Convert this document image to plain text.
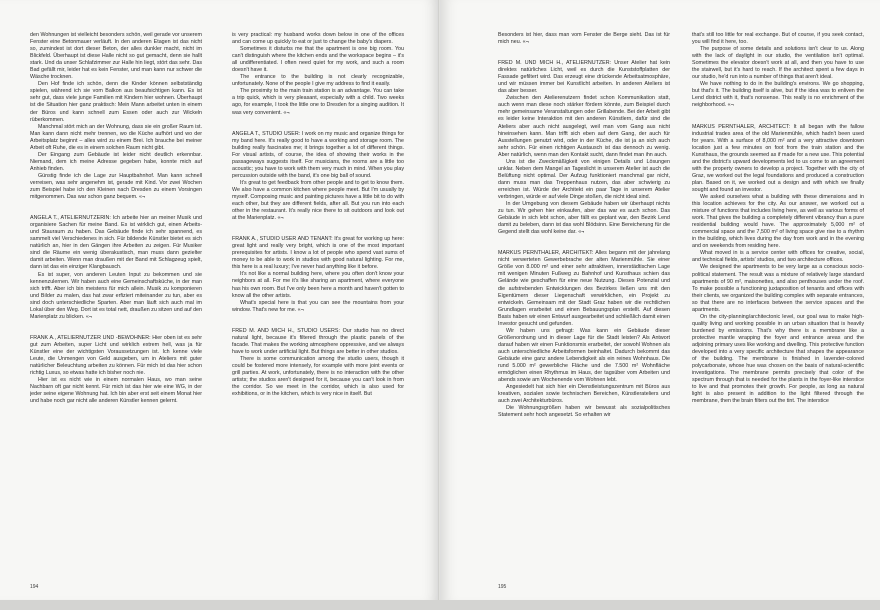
den Wohnungen ist vielleicht besonders schön, weil gerade vor unserem Fenster eine Betonmauer verläuft. In den anderen Etagen ist das nicht so, zumindest ist dort dieser Beton, der alles dunkler macht, nicht im Blickfeld. Überhaupt ist diese Halle nicht so gut gemacht, denn sie hallt stark. Und da unser Schlafzimmer zur Halle hin liegt, stört das sehr. Das Bad gefällt mir, leider hat es kein Fenster, und man kann nur schwer die Wäsche trocknen.

Den Hof finde ich schön, denn die Kinder können selbstständig spielen, während ich sie vom Balkon aus beaufsichtigen kann. Es ist sehr gut, dass viele junge Familien mit Kindern hier wohnen. Überhaupt ist die Situation hier ganz praktisch: Mein Mann arbeitet unten in einem der Büros und kann schnell zum Essen oder auch zur Wickeln rüberkommen.

Manchmal stört mich an der Wohnung, dass sie ein großer Raum ist. Man kann dann nicht mehr trennen, wo die Küche aufhört und wo der Arbeitsplatz beginnt – alles wird zu einem Brei. Ich brauche bei meiner Arbeit oft Ruhe, die es in einem solchen Raum nicht gibt.

Der Eingang zum Gebäude ist leider nicht deutlich erkennbar. Niemand, dem ich meine Adresse gegeben habe, konnte mich auf Anhieb finden.

Günstig finde ich die Lage zur Hauptbahnhof. Man kann schnell verreisen, was sehr angenehm ist, gerade mit Kind. Vor zwei Wochen zum Beispiel habe ich den Kleinen nach Dresden zu einem Vorsingen mitgenommen. Das war schon ganz bequem. «¬

ANGELA T., ATELIERNUTZERIN: Ich arbeite hier an meiner Musik und organisiere Sachen für meine Band. Es ist wirklich gut, einen Arbeits- und Stauraum zu haben. Das Gebäude finde ich sehr spannend, es sammelt viel Verschiedenes in sich. Für bildende Künstler bietet es sich natürlich an, hier in den Gängen ihre Arbeiten zu zeigen. Für Musiker sind die Räume ein wenig überakustisch, man muss dann gezielter damit arbeiten. Wenn man draußen mit der Band mit Schlagzeug spielt, dann ist das ein einziger Klangbausch.

Es ist super, von anderen Leuten Input zu bekommen und sie kennenzulernen. Wir haben auch eine Gemeinschaftsküche, in der man sich trifft. Aber ich bin meistens für mich allein. Musik zu komponieren und Bilder zu malen, das hat zwar erfiziert miteinander zu tun, aber es sind doch unterschiedliche Sparten. Aber man läuft sich auch mal im Lokal über den Weg. Dort ist es total nett, draußen zu sitzen und auf den Marienplatz zu blicken. «¬

FRANK A., ATELIERNUTZER UND -BEWOHNER: Hier oben ist es sehr gut zum Arbeiten, super Licht und wirklich extrem hell, was ja für Künstler eine der wichtigsten Voraussetzungen ist. Ich kenne viele Leute, die Unmengen von Geld ausgeben, um in Ateliers mit guter natürlicher Beleuchtung arbeiten zu können. Für mich ist das hier schon richtig Luxus, so etwas hatte ich bisher noch nie.

Hier ist es nicht wie in einem normalen Haus, wo man seine Nachbarn oft gar nicht kennt. Für mich ist das hier wie eine WG, in der jeder seine eigene Wohnung hat. Ich bin aber erst seit einem Monat hier und habe noch gar nicht alle anderen Künstler kennen gelernt.

is very practical: my husband works down below in one of the offices and can come up quickly to eat or just to change the baby's diapers.

Sometimes it disturbs me that the apartment is one big room. You can't distinguish where the kitchen ends and the workspace begins – it's all undifferentiated. I often need quiet for my work, and such a room doesn't have it.

The entrance to the building is not clearly recognizable, unfortunately. None of the people I give my address to find it easily.

The proximity to the main train station is an advantage. You can take a trip quick, which is very pleasant, especially with a child. Two weeks ago, for example, I took the little one to Dresden for a singing audition. It was very convenient. «¬

ANGELA T., STUDIO USER: I work on my music and organize things for my band here. It's really good to have a working and storage room. The building really fascinates me; it brings together a lot of different things. For visual artists, of course, the idea of showing their works in the passageways suggests itself. For musicians, the rooms are a little too acoustic; you have to work with them very much in mind. When you play percussion outside with the band, it's one big ball of sound.

It's great to get feedback from other people and to get to know them. We also have a common kitchen where people meet. But I'm usually by myself. Composing music and painting pictures have a little bit to do with each other, but they are different fields, after all. But you run into each other in the restaurant. It's really nice there to sit outdoors and look out at the Marienplatz. «¬

FRANK A., STUDIO USER AND TENANT: It's great for working up here: great light and really very bright, which is one of the most important prerequisites for artists. I know a lot of people who spend vast sums of money to be able to work in studios with good natural lighting. For me, this here is a real luxury; I've never had anything like it before.

It's not like a normal building here, where you often don't know your neighbors at all. For me it's like sharing an apartment, where everyone has his own room. But I've only been here a month and haven't gotten to know all the other artists.

What's special here is that you can see the mountains from your window. That's new for me. «¬

FRED M. AND MICH H., STUDIO USERS: Our studio has no direct natural light, because it's filtered through the plastic panels of the facade. That makes the working atmosphere oppressive, and we always have to work under artificial light. But things are better in other studios.

There is some communication among the studio users, though it could be fostered more intensely, for example with more joint events or grill parties. At work, unfortunately, there is no interaction with the other artists; the studios aren't designed for it, because you can't look in from the corridor. So we meet in the corridor, which is also used for exhibitions, or in the kitchen, which is very nice in itself. But

194

Besonders ist hier, dass man vom Fenster die Berge sieht. Das ist für mich neu. «¬

FRED M. UND MICH H., ATELIERNUTZER: Unser Atelier hat kein direktes natürliches Licht, weil es durch die Kunststoffplatten der Fassade gefiltert wird. Das erzeugt eine drückende Arbeitsatmosphäre, und wir müssen immer bei Kunstlicht arbeiten. In anderen Ateliers ist das aber besser.

Zwischen den Atelierenutzern findet schon Kommunikation statt, auch wenn man diese noch stärker fördern könnte, zum Beispiel durch mehr gemeinsame Veranstaltungen oder Grillabende. Bei der Arbeit gibt es leider keine Interaktion mit den anderen Künstlern, dafür sind die Ateliers aber auch nicht ausgelegt, weil man vom Gang aus nicht hineinsehen kann. Man trifft sich eben auf dem Gang, der auch für Ausstellungen genutzt wird, oder in der Küche, die ist ja an sich auch sehr schön. Für einen richtigen Austausch ist das dennoch zu wenig. Aber natürlich, wenn man den Kontakt sucht, dann findet man ihn auch.

Uns ist die Zweckmäßigkeit von einigen Details und Lösungen unklar. Neben dem Mangel an Tageslicht in unserem Atelier ist auch die Belüftung nicht optimal. Der Aufzug funktioniert manchmal gar nicht, dann muss man das Treppenhaus nutzen, das aber schwierig zu erreichen ist. Würde der Architekt ein paar Tage in unserem Atelier verbringen, würde er auf viele Dinge stoßen, die nicht ideal sind.

In der Umgebung von diesem Gebäude haben wir überhaupt nichts zu tun. Wir gehen hier einkaufen, aber das war es auch schon. Das Gebäude in sich lebt schon, aber fällt es geplant war, den Bezirk Lend damit zu beleben, dann ist das wohl Blödsinn. Eine Bereicherung für die Gegend stellt das wohl keine dar. «¬

MARKUS PERNTHALER, ARCHITEKT: Alles begann mit der jahrelang nicht verwerteten Gewerbebrache der alten Marienmühle. Sie einer Größe von 8.000 m² und einer sehr attraktiven, innerstädtischen Lage mit wenigen Minuten Fußweg zu Bahnhof und Kunsthaus schien das Gelände wie geschaffen für eine neue Nutzung. Dieses Potenzial und die aufstrebenden Entwicklungen des Bezirkes ließen uns mit den Eigentümern dieser Liegenschaft verwirklichen, ein Projekt zu entwickeln. Gemeinsam mit der Stadt Graz haben wir die rechtlichen Grundlagen erarbeitet und einen Bebauungsplan erstellt. Auf diesen Basis haben wir einen Entwurf ausgearbeitet und schließlich damit einen Investor gesucht und gefunden.

Wir haben uns gefragt: Was kann ein Gebäude dieser Größenordnung und in dieser Lage für die Stadt leisten? Als Antwort darauf haben wir einen Funktionsmix erarbeitet, der sowohl Wohnen als auch unterschiedliche Arbeitsformen beinhaltet. Dadurch bekommt das Gebäude eine ganz andere Lebendigkeit als ein reines Wohnhaus. Die rund 5.000 m² gewerbliche Fläche und die 7.500 m² Wohnfläche ermöglichen einen Rhythmus im Haus, der tagsüber vom Arbeiten und abends sowie am Wochenende vom Wohnen lebt.

Angesiedelt hat sich hier ein Dienstleistungszentrum mit Büros aus kreativen, sozialen sowie technischen Bereichen, Künstlerateliers und auch zwei Architekturbüros.

Die Wohnungsgrößen haben wir bewusst als sozialpolitisches Statement sehr hoch angesetzt. So erhalten wir

that's still too little for real exchange. But of course, if you seek contact, you will find it here, too.

The purpose of some details and solutions isn't clear to us. Along with the lack of daylight in our studio, the ventilation isn't optimal. Sometimes the elevator doesn't work at all, and then you have to use the stairwell, but it's hard to reach. If the architect spent a few days in our studio, he'd run into a number of things that aren't ideal.

We have nothing to do in the building's environs. We go shopping, but that's it. The building itself is alive, but if the idea was to enliven the Lend district with it, that's nonsense. This really is no enrichment of the neighborhood. «¬

MARKUS PERNTHALER, ARCHITECT: It all began with the fallow industrial trades area of the old Marienmühle, which hadn't been used for years. With a surface of 8,000 m² and a very attractive downtown location just a few minutes on foot from the train station and the Kunsthaus, the grounds seemed as if made for a new use. This potential and the district's upward developments led to us come to an agreement with the property owners to develop a project. Together with the city of Graz, we worked out the legal foundations and produced a construction plan. Based on it, we worked out a design and with which we finally sought and found an investor.

We asked ourselves what a building with these dimensions and in this location achieves for the city. As our answer, we worked out a mixture of functions that includes living here, as well as various forms of work. That gives the building a completely different vibrancy than a pure residential building would have. The approximately 5,000 m² of commercial space and the 7,500 m² of living space give rise to a rhythm in the building, which lives during the day from work and in the evening and on weekends from residing here.

What moved in is a service center with offices for creative, social, and technical fields, artists' studios, and two architecture offices.

We designed the apartments to be very large as a conscious socio-political statement. The result was a mixture of relatively large standard apartments of 90 m², maisonettes, and also penthouses under the roof. To make possible a functioning juxtaposition of tenants and offices with their clients, we organized the building complex with separate entrances, so that there are no interfaces between the service spaces and the apartments.

On the city-planning/architectonic level, our goal was to make high-quality living and working possible in an urban situation that is heavily burdened by emissions. That's why there is a membrane like a protective mantle wrapping the foyer and entrance areas and the adjoining primary uses like working and dwelling. This protective function developed into a very specific architecture that shapes the appearance of the building. The membrane is finished in lavender-colored polycarbonate, whose hue was chosen on the basis of natural-scientific investigations. The membrane permits precisely that color of the spectrum through that is needed for the plants in the foyer-like interstice to live and that promotes their growth. For people, as long as natural light is also present in addition to the light filtered through the membrane, then the brain filters out the tint. The interstice

195
